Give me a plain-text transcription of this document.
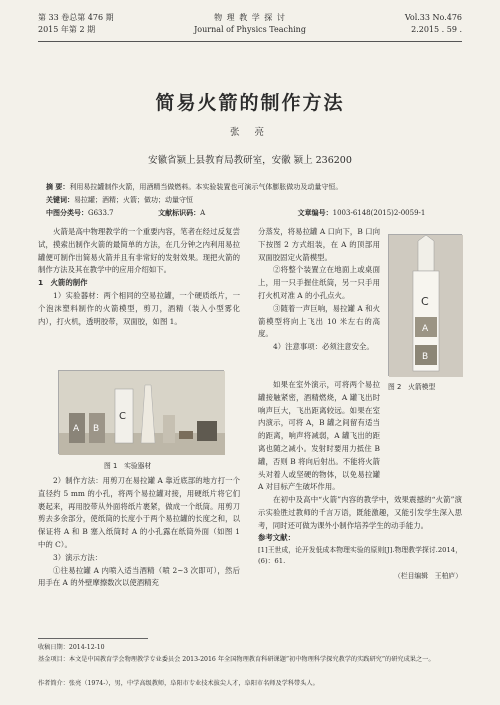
第 33 卷总第 476 期
2015 年第 2 期
物 理 教 学 探 讨
Journal of Physics Teaching
Vol.33 No.476
2.2015 . 59 .
简易火箭的制作方法
张 亮
安徽省颍上县教育局教研室，安徽 颍上 236200
摘 要：利用易拉罐制作火箭，用酒精当做燃料。本实验装置也可演示气体膨胀做功及动量守恒。
关键词：易拉罐；酒精；火箭；做功；动量守恒
中图分类号：G633.7	文献标识码：A	文章编号：1003-6148(2015)2-0059-1

火箭是高中物理教学的一个重要内容，笔者在经过反复尝试，摸索出制作火箭的最简单的方法，在几分钟之内利用易拉罐便可制作出简易火箭并且有非常好的发射效果。现把火箭的制作方法及其在教学中的应用介绍如下。

1　火箭的制作

1）实验器材：两个相同的空易拉罐，一个硬质纸片，一个泡沫塑料制作的火箭模型，剪刀，酒精（装入小型雾化内），打火机，透明胶带，双面胶，如图 1。

A B
C
图 1　实验器材

2）制作方法：用剪刀在易拉罐 A 靠近底部的地方打一个直径约 5 mm 的小孔，将两个易拉罐对接，用硬纸片将它们裹起来，再用胶带从外面将纸片裹紧，做成一个纸筒。用剪刀剪去多余部分，使纸筒的长度小于两个易拉罐的长度之和，以保证将 A 和 B 塞入纸筒时 A 的小孔露在纸筒外面（如图 1 中的 C）。

3）演示方法：

①往易拉罐 A 内喷入适当酒精（喷 2~3 次即可），然后用手在 A 的外壁摩擦数次以使酒精充

分蒸发，将易拉罐 A 口向下，B 口向下按图 2 方式组装，在 A 的顶部用双面胶固定火箭模型。

②将整个装置立在地面上或桌面上，用一只手握住纸筒，另一只手用打火机对准 A 的小孔点火。

③随着一声巨响，易拉罐 A 和火箭模型将向上飞出 10 米左右的高度。

4）注意事项：必须注意安全。

C
A
B
图 2　火箭模型

如果在室外演示，可将两个易拉罐接触紧密，酒精燃烧，A 罐飞出时响声巨大，飞出距离较远。如果在室内演示，可将 A，B 罐之间留有适当的距离，响声将减弱，A 罐飞出的距离也随之减小。发射时要用力抵住 B 罐，否则 B 将向后射出。不能将火箭头对着人或坚硬的物体，以免易拉罐 A 对目标产生破坏作用。

在初中及高中“火箭”内容的教学中，效果震撼的“火箭”演示实验胜过教师的千言万语，既能激趣，又能引发学生深入思考，同时还可做为课外小制作培养学生的动手能力。

参考文献：

[1]王世成，论开发低成本物理实验的原则[J].物理教学探讨.2014，(6)：61.

（栏目编辑　王柏庐）

收稿日期：2014-12-10
基金项目：本文是中国教育学会物理教学专业委员会 2013-2016 年全国物理教育科研课题“初中物理科学探究教学的实践研究”的研究成果之一。
作者简介：张亮（1974-），男，中学高级教师，阜阳市专业技术拔尖人才，阜阳市名师及学科带头人。
